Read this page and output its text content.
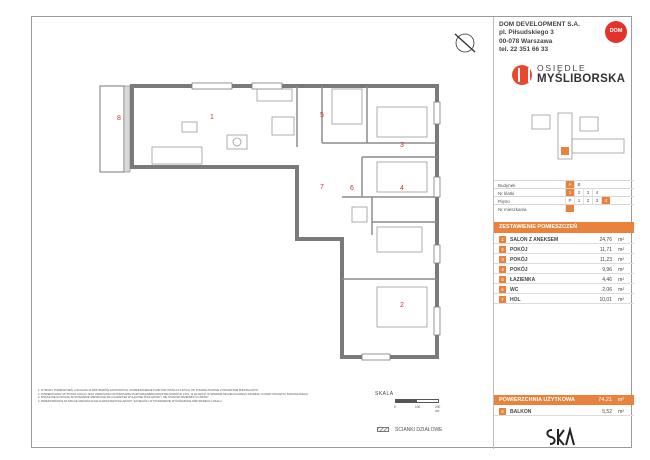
1
2
3
4
5
6
7
8
1. WYMIARY POMIESZCZEŃ, LOKALIZACJA PRZYBORÓW SANITARNYCH, ROZMIESZCZENIE PUNKTÓW INSTALACYJNYCH ITP. PODANE ZGODNIE Z PROJEKTEM BUDOWLANYM.
2. POWIERZCHNIA UŻYTKOWA LOKALU JEST OKREŚLONA NA PODSTAWIE ROZPORZĄDZENIA MINISTRA ROZWOJU Z DN. 11.09.2020 R. W SPRAWIE SZCZEGÓŁOWEGO ZAKRESU I FORMY PROJEKTU BUDOWLANEGO.
3. WSKAZANE NA RZUCIE WYPOSAŻENIE MIESZKANIA MA CHARAKTER WYŁĄCZNIE POGLĄDOWY I NIE STANOWI PRZEDMIOTU UMOWY.
4. PRZEDSTAWIONA NA RZUCIE ARANŻACJA MA CHARAKTER POGLĄDOWY. SZCZEGÓŁY W STANDARDZIE WYKOŃCZENIA NABYWANEGO LOKALU.
SKALA
0	100	200 cm
ŚCIANKI DZIAŁOWE
DOM DEVELOPMENT S.A.
pl. Piłsudskiego 3
00-078 Warszawa
tel. 22 351 66 33
DOM
OSIEDLE
MYŚLIBORSKA
Budynek	A	B
Nr klatki	1	2	3	4
Piętro	P	1	2	3	4
Nr mieszkania
ZESTAWIENIE POMIESZCZEŃ
1	SALON Z ANEKSEM	24,76 m²
2	POKÓJ	11,71 m²
3	POKÓJ	11,23 m²
4	POKÓJ	9,96 m²
5	ŁAZIENKA	4,46 m²
6	WC	2,06 m²
7	HOL	10,01 m²
POWIERZCHNIA UŻYTKOWA	74,21 m²
8	BALKON	5,52 m²
